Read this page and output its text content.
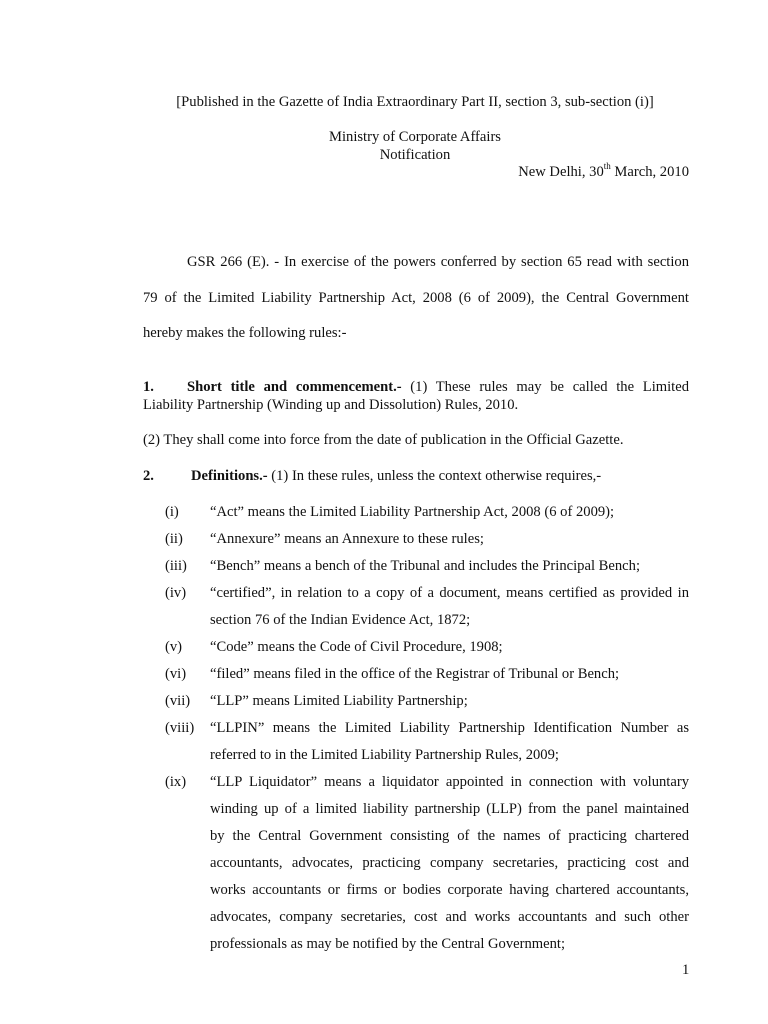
[Published in the Gazette of India Extraordinary Part II, section 3, sub-section (i)]
Ministry of Corporate Affairs
Notification
New Delhi, 30th March, 2010
GSR 266 (E). - In exercise of the powers conferred by section 65 read with section
79 of the Limited Liability Partnership Act, 2008 (6 of 2009), the Central Government
hereby makes the following rules:-
1. Short title and commencement.- (1) These rules may be called the Limited
Liability Partnership (Winding up and Dissolution) Rules, 2010.
(2) They shall come into force from the date of publication in the Official Gazette.
2.	Definitions.- (1) In these rules, unless the context otherwise requires,-
(i)	“Act” means the Limited Liability Partnership Act, 2008 (6 of 2009);
(ii)	“Annexure” means an Annexure to these rules;
(iii)	“Bench” means a bench of the Tribunal and includes the Principal Bench;
(iv)	“certified”, in relation to a copy of a document, means certified as provided in
section 76 of the Indian Evidence Act, 1872;
(v)	“Code” means the Code of Civil Procedure, 1908;
(vi)	“filed” means filed in the office of the Registrar of Tribunal or Bench;
(vii)	“LLP” means Limited Liability Partnership;
(viii)	“LLPIN” means the Limited Liability Partnership Identification Number as
referred to in the Limited Liability Partnership Rules, 2009;
(ix)	“LLP Liquidator” means a liquidator appointed in connection with voluntary
winding up of a limited liability partnership (LLP) from the panel maintained
by the Central Government consisting of the names of practicing chartered
accountants, advocates, practicing company secretaries, practicing cost and
works accountants or firms or bodies corporate having chartered accountants,
advocates, company secretaries, cost and works accountants and such other
professionals as may be notified by the Central Government;
1
